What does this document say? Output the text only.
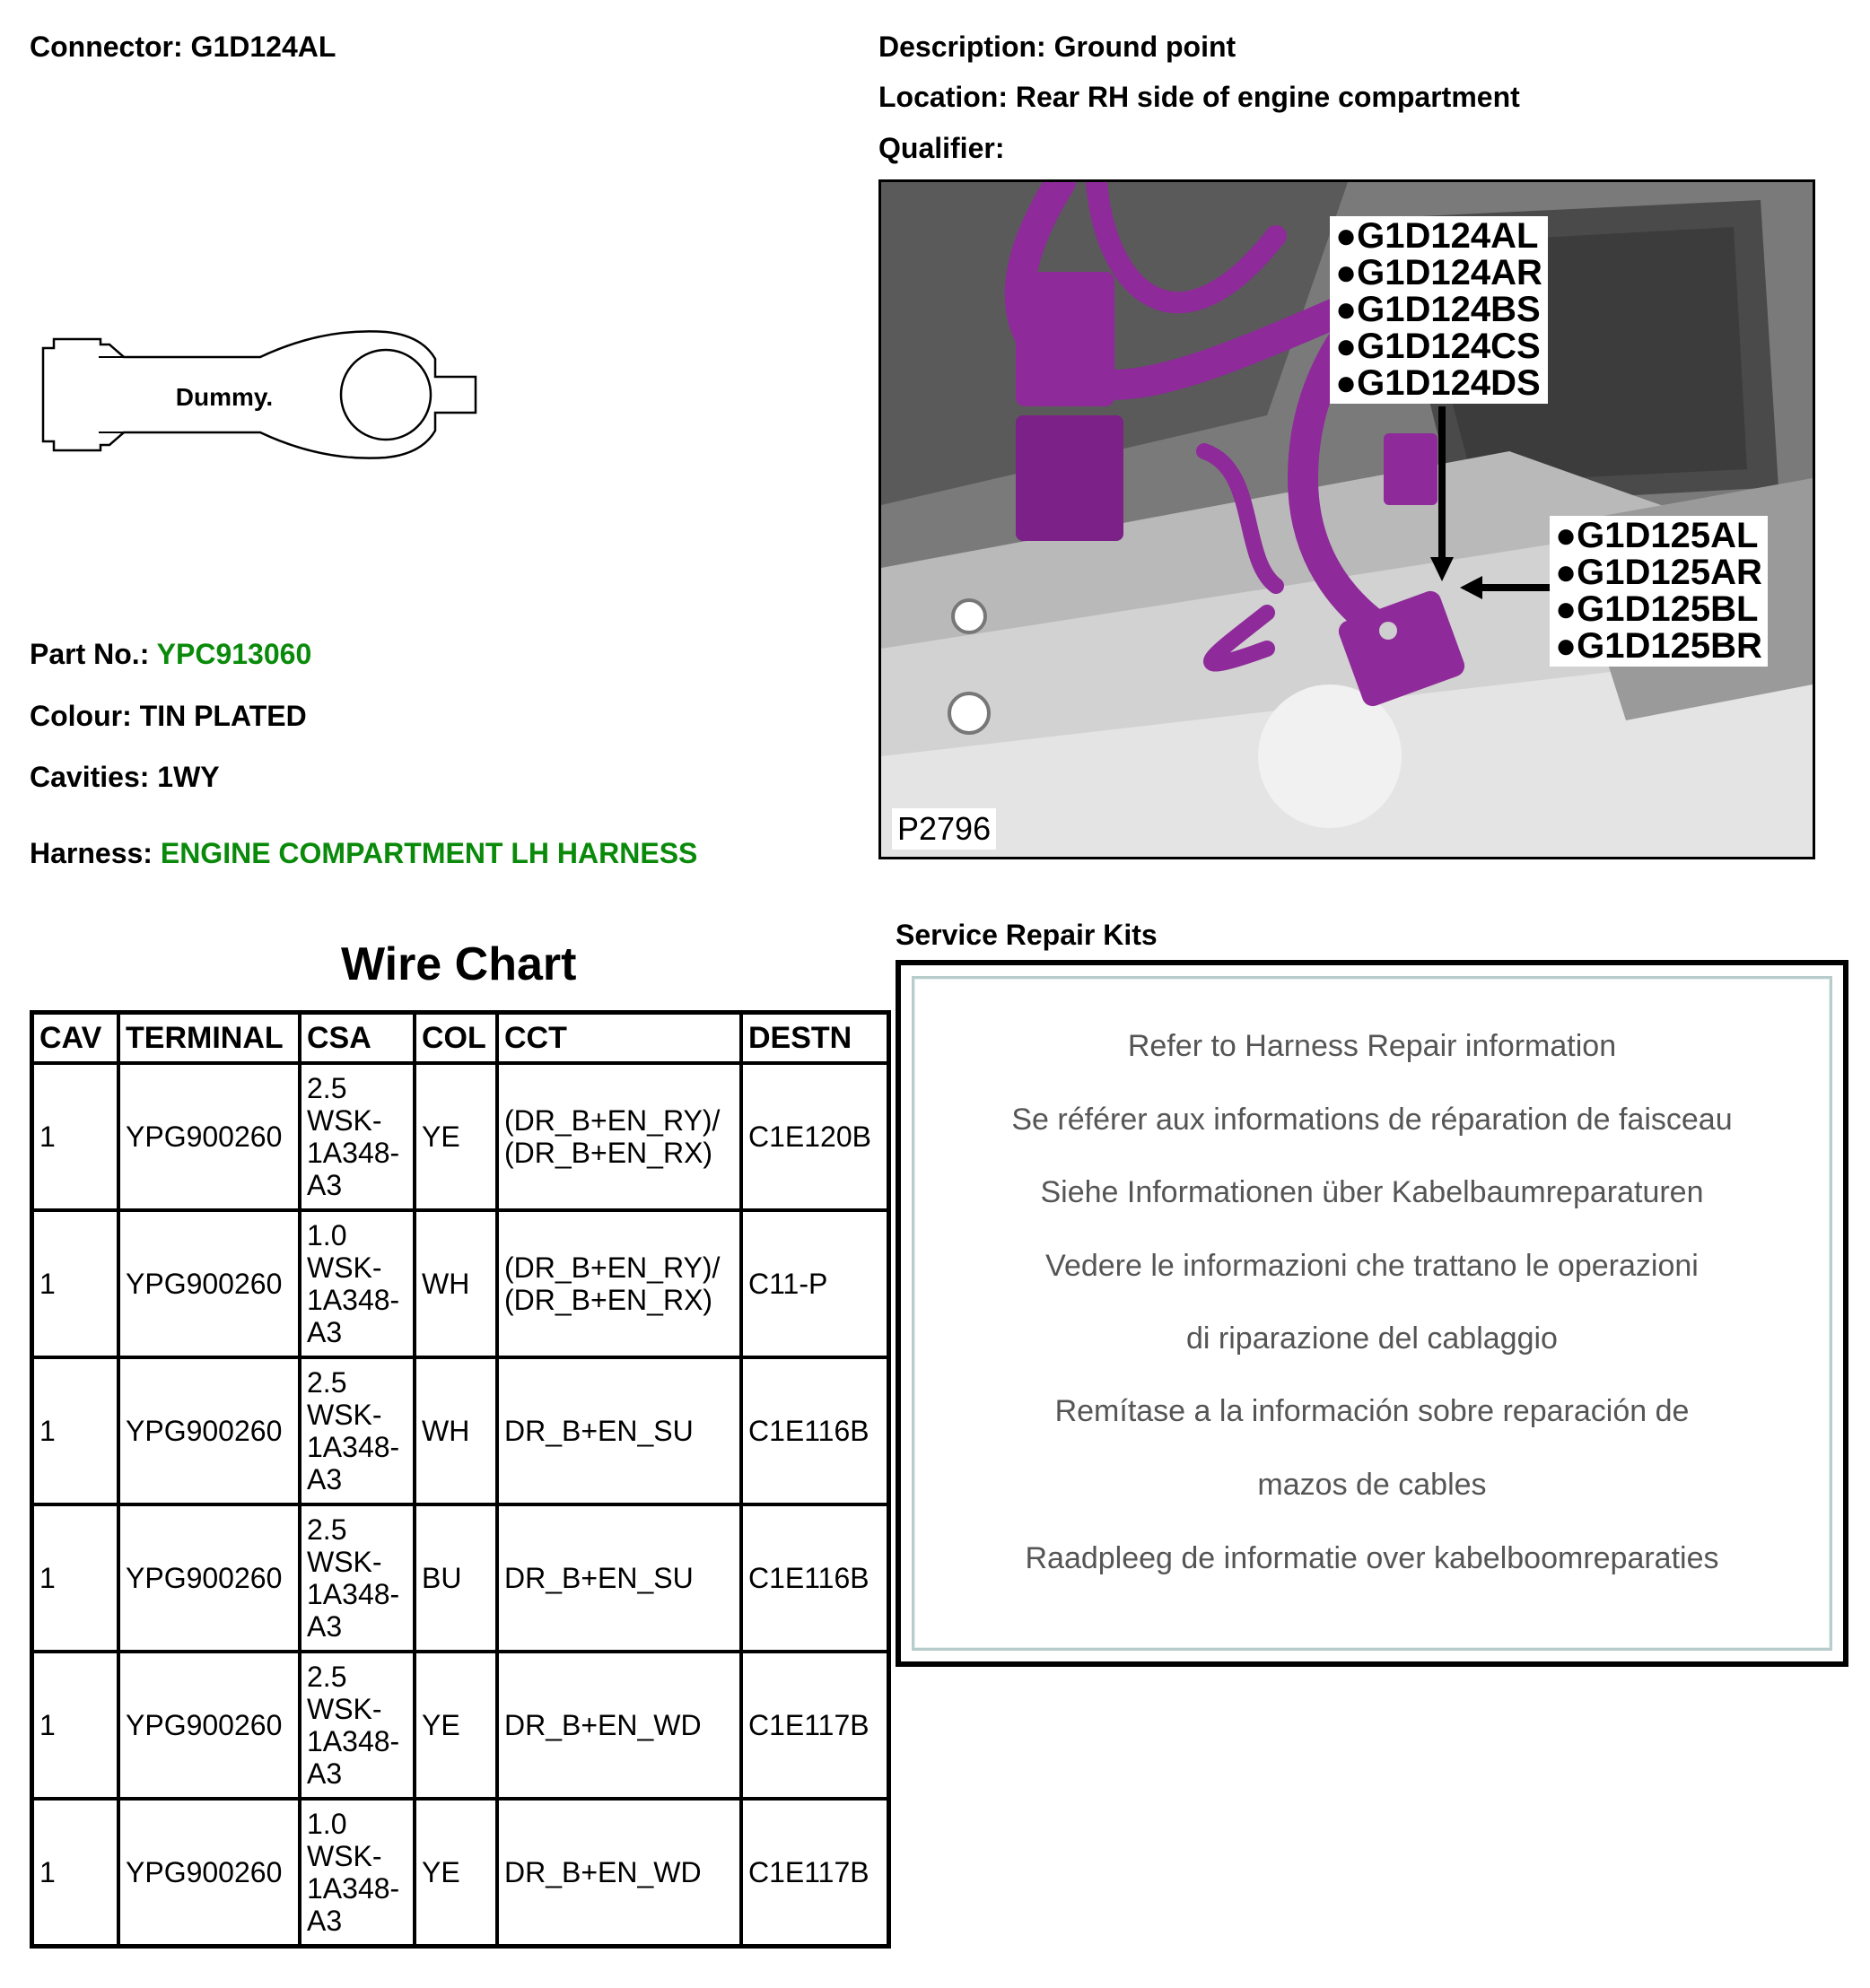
Connector: G1D124AL	Description: Ground point
Location: Rear RH side of engine compartment
Qualifier:
Dummy.
Part No.: YPC913060
Colour: TIN PLATED
Cavities: 1WY
Harness: ENGINE COMPARTMENT LH HARNESS
●G1D124AL
●G1D124AR
●G1D124BS
●G1D124CS
●G1D124DS
●G1D125AL
●G1D125AR
●G1D125BL
●G1D125BR
P2796
Wire Chart
CAV	TERMINAL	CSA	COL	CCT	DESTN
1	YPG900260	2.5
WSK-
1A348-
A3	YE	(DR_B+EN_RY)/
(DR_B+EN_RX)	C1E120B
1	YPG900260	1.0
WSK-
1A348-
A3	WH	(DR_B+EN_RY)/
(DR_B+EN_RX)	C11-P
1	YPG900260	2.5
WSK-
1A348-
A3	WH	DR_B+EN_SU	C1E116B
1	YPG900260	2.5
WSK-
1A348-
A3	BU	DR_B+EN_SU	C1E116B
1	YPG900260	2.5
WSK-
1A348-
A3	YE	DR_B+EN_WD	C1E117B
1	YPG900260	1.0
WSK-
1A348-
A3	YE	DR_B+EN_WD	C1E117B
Service Repair Kits
Refer to Harness Repair information
Se référer aux informations de réparation de faisceau
Siehe Informationen über Kabelbaumreparaturen
Vedere le informazioni che trattano le operazioni
di riparazione del cablaggio
Remítase a la información sobre reparación de
mazos de cables
Raadpleeg de informatie over kabelboomreparaties
